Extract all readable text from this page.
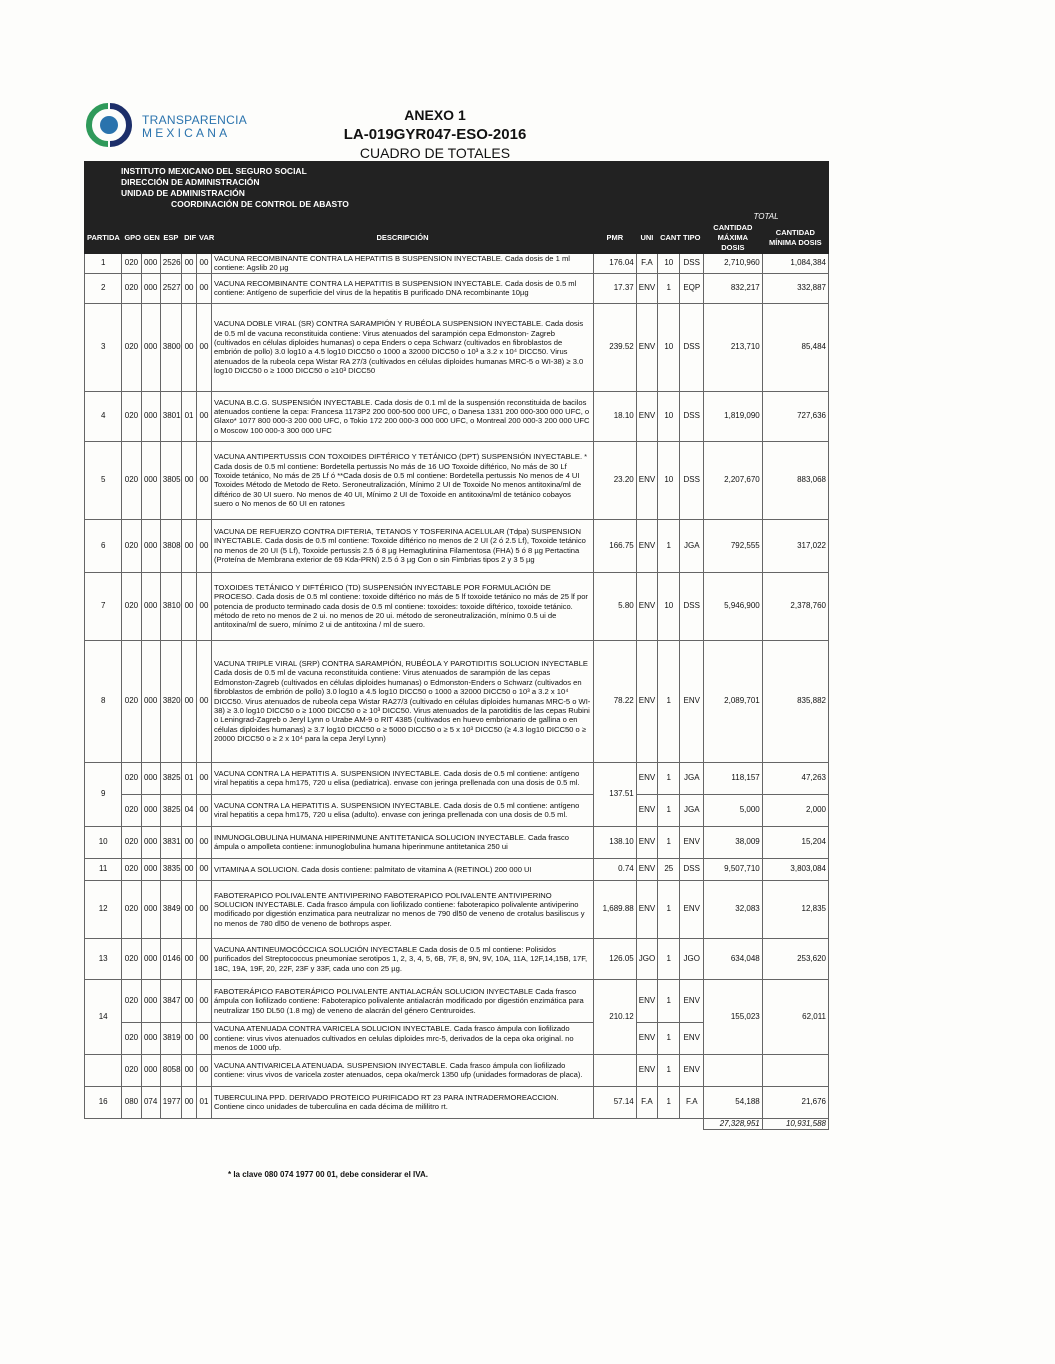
TRANSPARENCIA
MEXICANA
ANEXO 1
LA-019GYR047-ESO-2016
CUADRO DE TOTALES
INSTITUTO MEXICANO DEL SEGURO SOCIAL
DIRECCIÓN DE ADMINISTRACIÓN
UNIDAD DE ADMINISTRACIÓN
COORDINACIÓN DE CONTROL DE ABASTO											TOTAL	
PARTIDA	GPO	GEN	ESP	DIF	VAR	DESCRIPCIÓN	PMR	UNI	CANT	TIPO	CANTIDAD MÁXIMA DOSIS	CANTIDAD MÍNIMA DOSIS
1	020	000	2526	00	00	VACUNA RECOMBINANTE CONTRA LA HEPATITIS B SUSPENSION INYECTABLE. Cada dosis de 1 ml contiene: Agslib 20 µg	176.04	F.A	10	DSS	2,710,960	1,084,384
2	020	000	2527	00	00	VACUNA RECOMBINANTE CONTRA LA HEPATITIS B SUSPENSION INYECTABLE. Cada dosis de 0.5 ml contiene: Antígeno de superficie del virus de la hepatitis B purificado DNA recombinante 10µg	17.37	ENV	1	EQP	832,217	332,887
3	020	000	3800	00	00	VACUNA DOBLE VIRAL (SR) CONTRA SARAMPIÓN Y RUBÉOLA SUSPENSION INYECTABLE. Cada dosis de 0.5 ml de vacuna reconstituida contiene: Virus atenuados del sarampión cepa Edmonston- Zagreb (cultivados en células diploides humanas) o cepa Enders o cepa Schwarz (cultivados en fibroblastos de embrión de pollo) 3.0 log10 a 4.5 log10 DICC50 o 1000 a 32000 DICC50 o 10³ a 3.2 x 10⁴ DICC50. Virus atenuados de la rubeola cepa Wistar RA 27/3 (cultivados en células diploides humanas MRC-5 o WI-38) ≥ 3.0 log10 DICC50 o ≥ 1000 DICC50 o ≥10³ DICC50	239.52	ENV	10	DSS	213,710	85,484
4	020	000	3801	01	00	VACUNA B.C.G. SUSPENSIÓN INYECTABLE. Cada dosis de 0.1 ml de la suspensión reconstituida de bacilos atenuados contiene la cepa: Francesa 1173P2 200 000-500 000 UFC, o Danesa 1331 200 000-300 000 UFC, o Glaxo* 1077 800 000-3 200 000 UFC, o Tokio 172 200 000-3 000 000 UFC, o Montreal 200 000-3 200 000 UFC o Moscow 100 000-3 300 000 UFC	18.10	ENV	10	DSS	1,819,090	727,636
5	020	000	3805	00	00	VACUNA ANTIPERTUSSIS CON TOXOIDES DIFTÉRICO Y TETÁNICO (DPT) SUSPENSIÓN INYECTABLE. * Cada dosis de 0.5 ml contiene: Bordetella pertussis No más de 16 UO Toxoide diftérico, No más de 30 Lf Toxoide tetánico, No más de 25 Lf ó **Cada dosis de 0.5 ml contiene: Bordetella pertussis No menos de 4 UI Toxoides Método de Metodo de Reto. Seroneutralización, Mínimo 2 UI de Toxoide No menos antitoxina/ml de diftérico de 30 UI suero. No menos de 40 UI, Mínimo 2 UI de Toxoide en antitoxina/ml de tetánico cobayos suero o No menos de 60 UI en ratones	23.20	ENV	10	DSS	2,207,670	883,068
6	020	000	3808	00	00	VACUNA DE REFUERZO CONTRA DIFTERIA, TETANOS Y TOSFERINA ACELULAR (Tdpa) SUSPENSION INYECTABLE. Cada dosis de 0.5 ml contiene: Toxoide diftérico no menos de 2 UI (2 ó 2.5 Lf), Toxoide tetánico no menos de 20 UI (5 Lf), Toxoide pertussis 2.5 ó 8 µg Hemaglutinina Filamentosa (FHA) 5 ó 8 µg Pertactina (Proteína de Membrana exterior de 69 Kda-PRN) 2.5 ó 3 µg Con o sin Fimbrias tipos 2 y 3 5 µg	166.75	ENV	1	JGA	792,555	317,022
7	020	000	3810	00	00	TOXOIDES TETÁNICO Y DIFTÉRICO (TD) SUSPENSIÓN INYECTABLE POR FORMULACIÓN DE PROCESO. Cada dosis de 0.5 ml contiene: toxoide diftérico no más de 5 lf toxoide tetánico no más de 25 lf por potencia de producto terminado cada dosis de 0.5 ml contiene: toxoides: toxoide diftérico, toxoide tetánico. método de reto no menos de 2 ui. no menos de 20 ui. método de seroneutralización, mínimo 0.5 ui de antitoxina/ml de suero, mínimo 2 ui de antitoxina / ml de suero.	5.80	ENV	10	DSS	5,946,900	2,378,760
8	020	000	3820	00	00	VACUNA TRIPLE VIRAL (SRP) CONTRA SARAMPIÓN, RUBÉOLA Y PAROTIDITIS SOLUCION INYECTABLE Cada dosis de 0.5 ml de vacuna reconstituida contiene: Virus atenuados de sarampión de las cepas Edmonston-Zagreb (cultivados en células diploides humanas) o Edmonston-Enders o Schwarz (cultivados en fibroblastos de embrión de pollo) 3.0 log10 a 4.5 log10 DICC50 o 1000 a 32000 DICC50 o 10³ a 3.2 x 10⁴ DICC50. Virus atenuados de rubeola cepa Wistar RA27/3 (cultivado en células diploides humanas MRC-5 o WI-38) ≥ 3.0 log10 DICC50 o ≥ 1000 DICC50 o ≥ 10³ DICC50. Virus atenuados de la parotiditis de las cepas Rubini o Leningrad-Zagreb o Jeryl Lynn o Urabe AM-9 o RIT 4385 (cultivados en huevo embrionario de gallina o en células diploides humanas) ≥ 3.7 log10 DICC50 o ≥ 5000 DICC50 o ≥ 5 x 10³ DICC50 (≥ 4.3 log10 DICC50 o ≥ 20000 DICC50 o ≥ 2 x 10⁴ para la cepa Jeryl Lynn)	78.22	ENV	1	ENV	2,089,701	835,882
9	020	000	3825	01	00	VACUNA CONTRA LA HEPATITIS A. SUSPENSION INYECTABLE. Cada dosis de 0.5 ml contiene: antígeno viral hepatitis a cepa hm175, 720 u elisa (pediatrica). envase con jeringa prellenada con una dosis de 0.5 ml.	137.51	ENV	1	JGA	118,157	47,263
	020	000	3825	04	00	VACUNA CONTRA LA HEPATITIS A. SUSPENSION INYECTABLE. Cada dosis de 0.5 ml contiene: antígeno viral hepatitis a cepa hm175, 720 u elisa (adulto). envase con jeringa prellenada con una dosis de 0.5 ml.		ENV	1	JGA	5,000	2,000
10	020	000	3831	00	00	INMUNOGLOBULINA HUMANA HIPERINMUNE ANTITETANICA SOLUCION INYECTABLE. Cada frasco ámpula o ampolleta contiene: inmunoglobulina humana hiperinmune antitetanica 250 ui	138.10	ENV	1	ENV	38,009	15,204
11	020	000	3835	00	00	VITAMINA A SOLUCION. Cada dosis contiene: palmitato de vitamina A (RETINOL) 200 000 UI	0.74	ENV	25	DSS	9,507,710	3,803,084
12	020	000	3849	00	00	FABOTERAPICO POLIVALENTE ANTIVIPERINO FABOTERAPICO POLIVALENTE ANTIVIPERINO SOLUCION INYECTABLE. Cada frasco ámpula con liofilizado contiene: faboterapico polivalente antiviperino modificado por digestión enzimatica para neutralizar no menos de 790 dl50 de veneno de crotalus basiliscus y no menos de 780 dl50 de veneno de bothrops asper.	1,689.88	ENV	1	ENV	32,083	12,835
13	020	000	0146	00	00	VACUNA ANTINEUMOCÓCCICA SOLUCIÓN INYECTABLE Cada dosis de 0.5 ml contiene: Polisidos purificados del Streptococcus pneumoniae serotipos 1, 2, 3, 4, 5, 6B, 7F, 8, 9N, 9V, 10A, 11A, 12F,14,15B, 17F, 18C, 19A, 19F, 20, 22F, 23F y 33F, cada uno con 25 µg.	126.05	JGO	1	JGO	634,048	253,620
14	020	000	3847	00	00	FABOTERÁPICO FABOTERÁPICO POLIVALENTE ANTIALACRÁN SOLUCION INYECTABLE Cada frasco ámpula con liofilizado contiene: Faboterapico polivalente antialacrán modificado por digestión enzimática para neutralizar 150 DL50 (1.8 mg) de veneno de alacrán del género Centruroides.	210.12	ENV	1	ENV	155,023	62,011
	020	000	3819	00	00	VACUNA ATENUADA CONTRA VARICELA SOLUCION INYECTABLE. Cada frasco ámpula con liofilizado contiene: virus vivos atenuados cultivados en celulas diploides mrc-5, derivados de la cepa oka original. no menos de 1000 ufp.		ENV	1	ENV		
	020	000	8058	00	00	VACUNA ANTIVARICELA ATENUADA. SUSPENSION INYECTABLE. Cada frasco ámpula con liofilizado contiene: virus vivos de varicela zoster atenuados, cepa oka/merck 1350 ufp (unidades formadoras de placa).		ENV	1	ENV		
16	080	074	1977	00	01	TUBERCULINA PPD. DERIVADO PROTEICO PURIFICADO RT 23 PARA INTRADERMOREACCION. Contiene cinco unidades de tuberculina en cada décima de mililitro rt.	57.14	F.A	1	F.A	54,188	21,676
											27,328,951	10,931,588
* la clave 080 074 1977 00 01, debe considerar el IVA.
